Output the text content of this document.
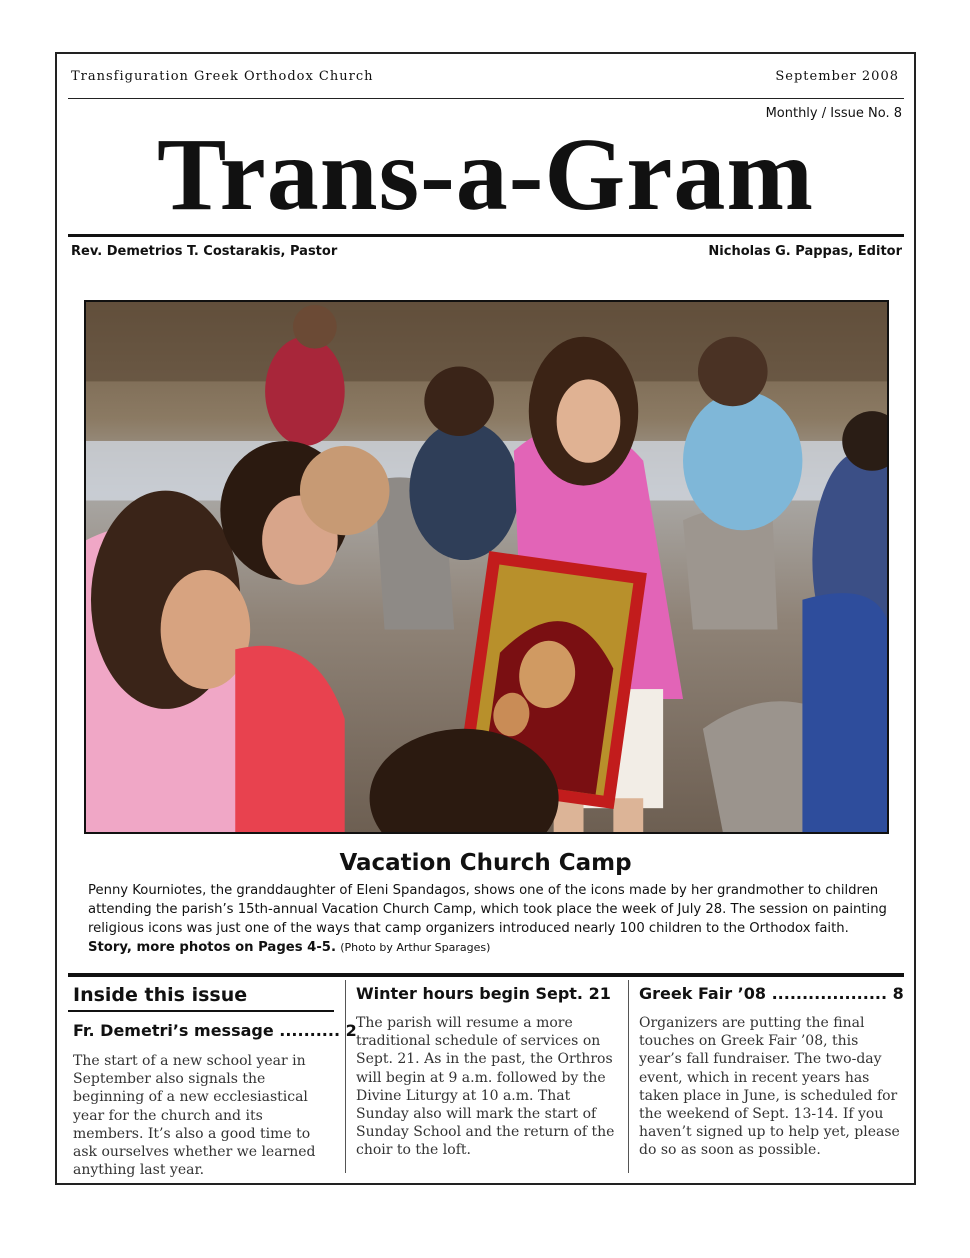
Transfiguration Greek Orthodox Church	September 2008
Monthly / Issue No. 8
Trans-a-Gram
Rev. Demetrios T. Costarakis, Pastor	Nicholas G. Pappas, Editor
Vacation Church Camp
Penny Kourniotes, the granddaughter of Eleni Spandagos, shows one of the icons made by her grandmother to children attending the parish’s 15th-annual Vacation Church Camp, which took place the week of July 28. The session on painting religious icons was just one of the ways that camp organizers introduced nearly 100 children to the Orthodox faith.
Story, more photos on Pages 4-5. (Photo by Arthur Sparages)
Inside this issue
Fr. Demetri’s message .......... 2
The start of a new school year in September also signals the beginning of a new ecclesiastical year for the church and its members. It’s also a good time to ask ourselves whether we learned anything last year.
Winter hours begin Sept. 21
The parish will resume a more traditional schedule of services on Sept. 21. As in the past, the Orthros will begin at 9 a.m. followed by the Divine Liturgy at 10 a.m. That Sunday also will mark the start of Sunday School and the return of the choir to the loft.
Greek Fair ’08 ................... 8
Organizers are putting the final touches on Greek Fair ’08, this year’s fall fundraiser. The two-day event, which in recent years has taken place in June, is scheduled for the weekend of Sept. 13-14. If you haven’t signed up to help yet, please do so as soon as possible.
